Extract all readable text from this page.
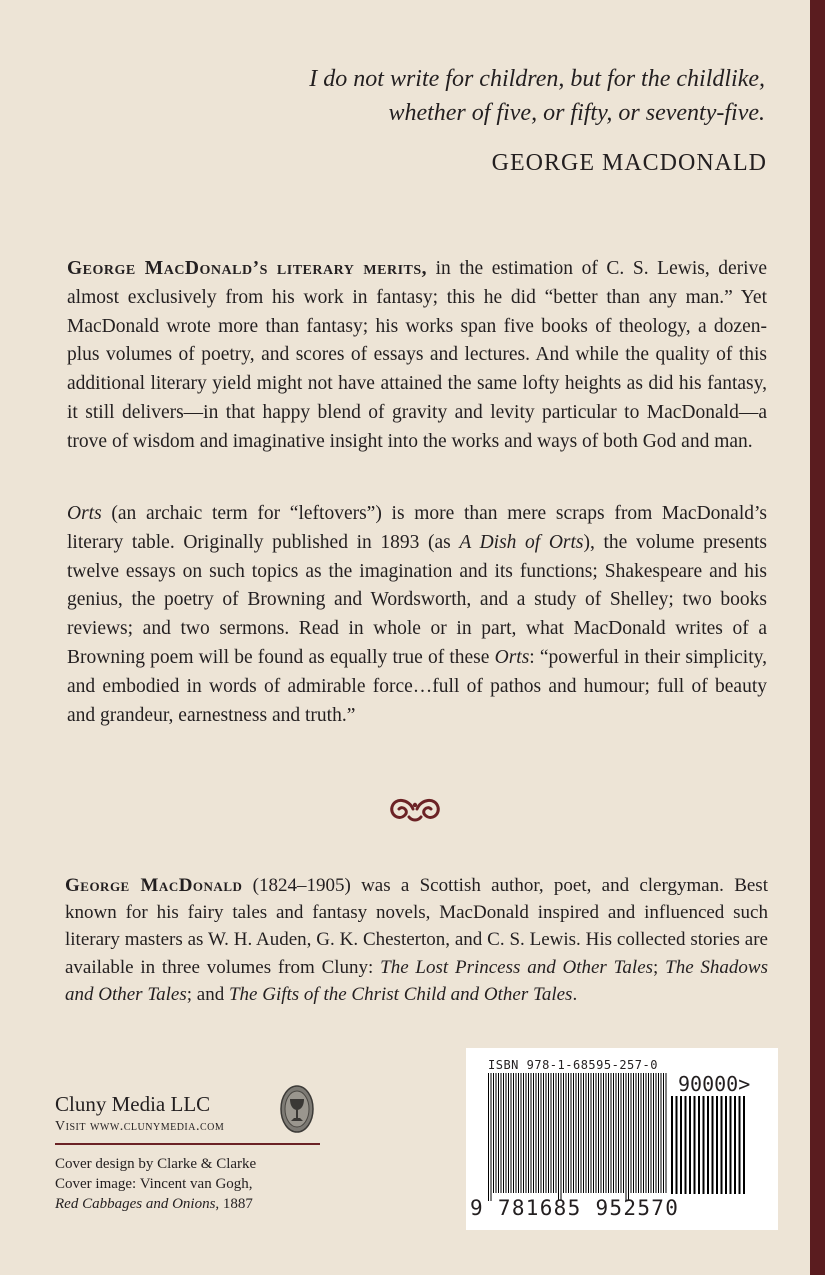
I do not write for children, but for the childlike,
whether of five, or fifty, or seventy-five.

GEORGE MACDONALD

George MacDonald’s literary merits, in the estimation of C. S. Lewis, derive almost exclusively from his work in fantasy; this he did “better than any man.” Yet MacDonald wrote more than fantasy; his works span five books of theology, a dozen-plus volumes of poetry, and scores of essays and lectures. And while the quality of this additional literary yield might not have attained the same lofty heights as did his fantasy, it still delivers—in that happy blend of gravity and levity particular to MacDonald—a trove of wisdom and imaginative insight into the works and ways of both God and man.

Orts (an archaic term for “leftovers”) is more than mere scraps from MacDonald’s literary table. Originally published in 1893 (as A Dish of Orts), the volume presents twelve essays on such topics as the imagination and its functions; Shakespeare and his genius, the poetry of Browning and Wordsworth, and a study of Shelley; two books reviews; and two sermons. Read in whole or in part, what MacDonald writes of a Browning poem will be found as equally true of these Orts: “powerful in their simplicity, and embodied in words of admirable force…full of pathos and humour; full of beauty and grandeur, earnestness and truth.”

George MacDonald (1824–1905) was a Scottish author, poet, and clergyman. Best known for his fairy tales and fantasy novels, MacDonald inspired and influenced such literary masters as W. H. Auden, G. K. Chesterton, and C. S. Lewis. His collected stories are available in three volumes from Cluny: The Lost Princess and Other Tales; The Shadows and Other Tales; and The Gifts of the Christ Child and Other Tales.

Cluny Media LLC
Visit www.clunymedia.com
Cover design by Clarke & Clarke
Cover image: Vincent van Gogh,
Red Cabbages and Onions, 1887
ISBN 978-1-68595-257-0
90000>
9 781685 952570
